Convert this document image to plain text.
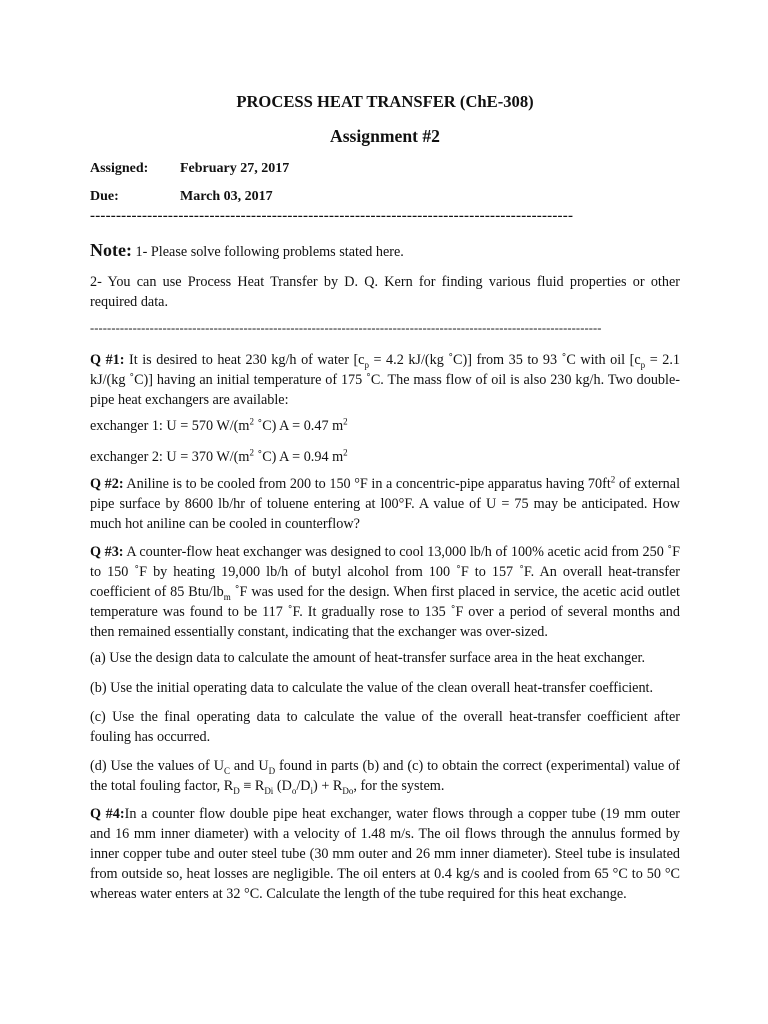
PROCESS HEAT TRANSFER (ChE-308)
Assignment #2
Assigned: February 27, 2017
Due:	March 03, 2017
---------------------------------------------------------------------------------------------
Note: 1- Please solve following problems stated here.
2- You can use Process Heat Transfer by D. Q. Kern for finding various fluid properties or other required data.
------------------------------------------------------------------------------------------------------------------------
Q #1: It is desired to heat 230 kg/h of water [$c_p = 4.2$ kJ/(kg ˚C)] from 35 to 93 ˚C with oil [$c_p = 2.1$ kJ/(kg ˚C)] having an initial temperature of 175 ˚C. The mass flow of oil is also 230 kg/h. Two double-pipe heat exchangers are available:
exchanger 1: U = 570 $W/(m^2$ ˚C) A = 0.47 $m^2$
exchanger 2: U = 370 $W/(m^2$ ˚C) A = 0.94 $m^2$
Q #2: Aniline is to be cooled from 200 to 150 °F in a concentric-pipe apparatus having $70ft^2$ of external pipe surface by 8600 lb/hr of toluene entering at l00°F. A value of U = 75 may be anticipated. How much hot aniline can be cooled in counterflow?
Q #3: A counter-flow heat exchanger was designed to cool 13,000 lb/h of 100% acetic acid from 250 ˚F to 150 ˚F by heating 19,000 lb/h of butyl alcohol from 100 ˚F to 157 ˚F. An overall heat-transfer coefficient of 85 Btu/$lb_m$ ˚F was used for the design. When first placed in service, the acetic acid outlet temperature was found to be 117 ˚F. It gradually rose to 135 ˚F over a period of several months and then remained essentially constant, indicating that the exchanger was over-sized.
(a) Use the design data to calculate the amount of heat-transfer surface area in the heat exchanger.
(b) Use the initial operating data to calculate the value of the clean overall heat-transfer coefficient.
(c) Use the final operating data to calculate the value of the overall heat-transfer coefficient after fouling has occurred.
(d) Use the values of $U_C$ and $U_D$ found in parts (b) and (c) to obtain the correct (experimental) value of the total fouling factor, $R_D \equiv R_{Di}$ $(D_o/D_i) + R_{Do}$, for the system.
Q #4:In a counter flow double pipe heat exchanger, water flows through a copper tube (19 mm outer and 16 mm inner diameter) with a velocity of 1.48 m/s. The oil flows through the annulus formed by inner copper tube and outer steel tube (30 mm outer and 26 mm inner diameter). Steel tube is insulated from outside so, heat losses are negligible. The oil enters at 0.4 kg/s and is cooled from 65 °C to 50 °C whereas water enters at 32 °C. Calculate the length of the tube required for this heat exchange.
